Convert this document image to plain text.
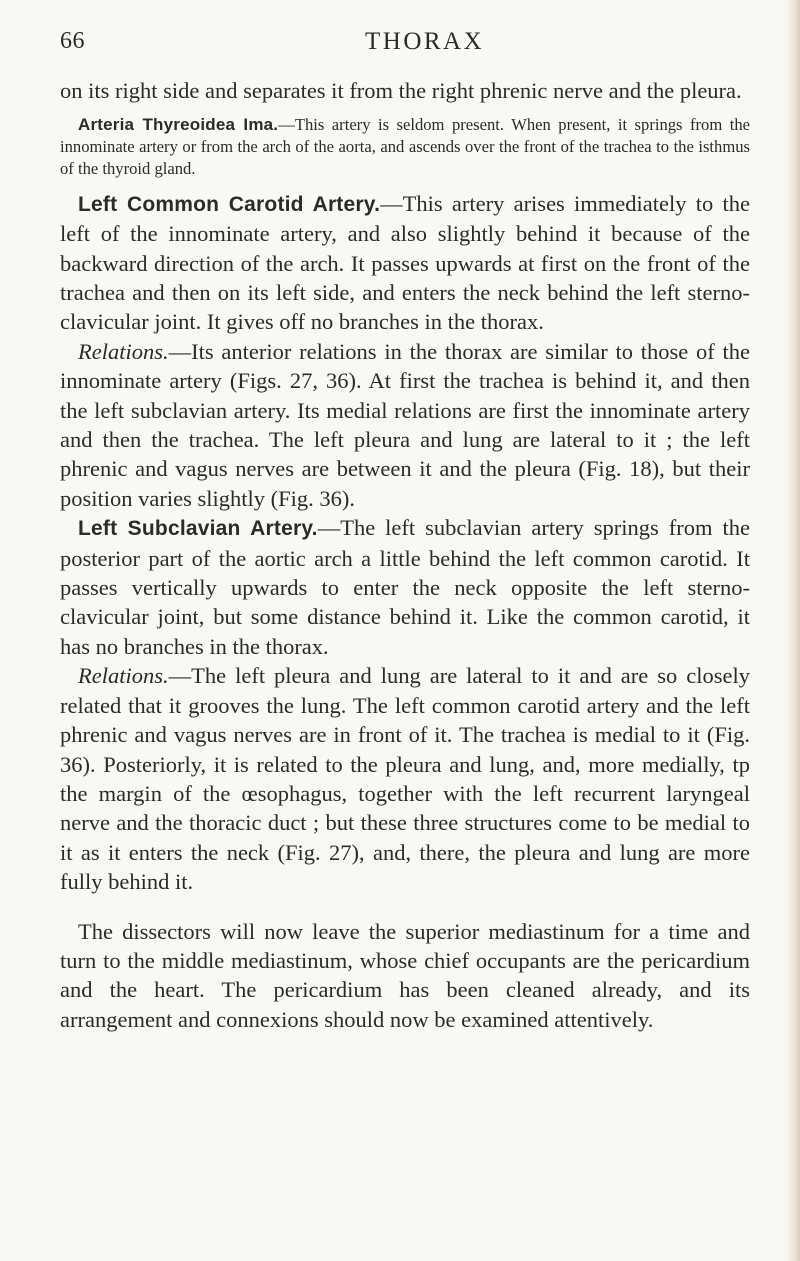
66	THORAX

on its right side and separates it from the right phrenic nerve and the pleura.

Arteria Thyreoidea Ima.—This artery is seldom present. When present, it springs from the innominate artery or from the arch of the aorta, and ascends over the front of the trachea to the isthmus of the thyroid gland.

Left Common Carotid Artery.—This artery arises immediately to the left of the innominate artery, and also slightly behind it because of the backward direction of the arch. It passes upwards at first on the front of the trachea and then on its left side, and enters the neck behind the left sterno-clavicular joint. It gives off no branches in the thorax.

Relations.—Its anterior relations in the thorax are similar to those of the innominate artery (Figs. 27, 36). At first the trachea is behind it, and then the left subclavian artery. Its medial relations are first the innominate artery and then the trachea. The left pleura and lung are lateral to it ; the left phrenic and vagus nerves are between it and the pleura (Fig. 18), but their position varies slightly (Fig. 36).

Left Subclavian Artery.—The left subclavian artery springs from the posterior part of the aortic arch a little behind the left common carotid. It passes vertically upwards to enter the neck opposite the left sterno-clavicular joint, but some distance behind it. Like the common carotid, it has no branches in the thorax.

Relations.—The left pleura and lung are lateral to it and are so closely related that it grooves the lung. The left common carotid artery and the left phrenic and vagus nerves are in front of it. The trachea is medial to it (Fig. 36). Posteriorly, it is related to the pleura and lung, and, more medially, tp the margin of the œsophagus, together with the left recurrent laryngeal nerve and the thoracic duct ; but these three structures come to be medial to it as it enters the neck (Fig. 27), and, there, the pleura and lung are more fully behind it.

The dissectors will now leave the superior mediastinum for a time and turn to the middle mediastinum, whose chief occupants are the pericardium and the heart. The pericardium has been cleaned already, and its arrangement and connexions should now be examined attentively.
